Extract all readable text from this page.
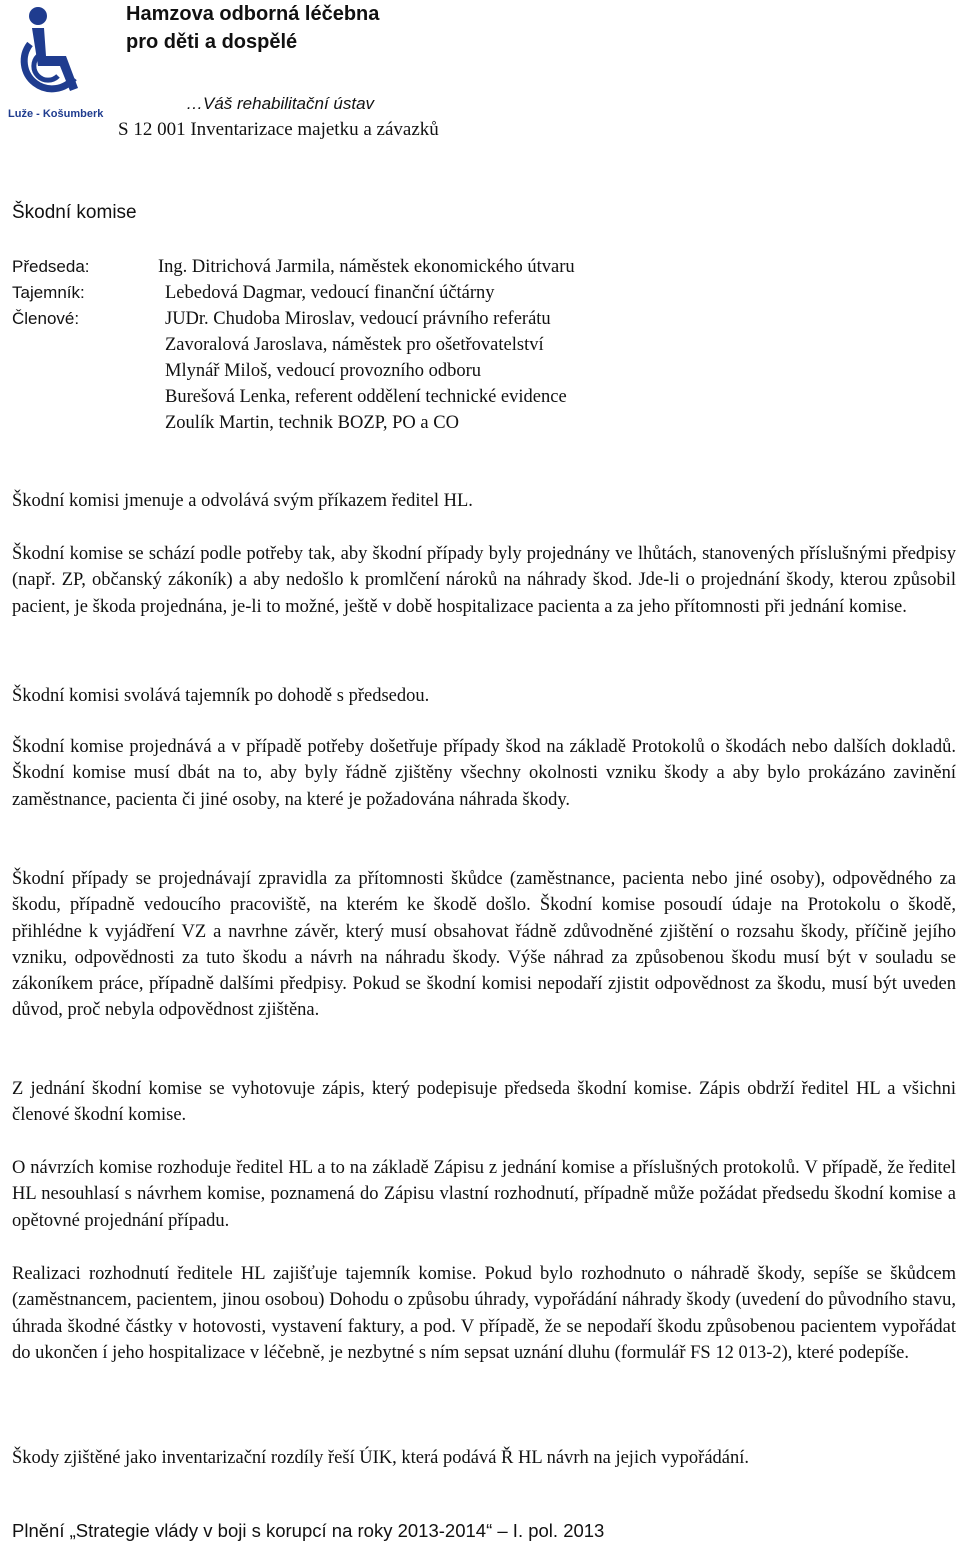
Luže - Košumberk
Hamzova odborná léčebna
pro děti a dospělé
…Váš rehabilitační ústav
S 12 001 Inventarizace majetku a závazků
Škodní komise
Předseda:
Tajemník:
Členové:
Ing. Ditrichová Jarmila, náměstek ekonomického útvaru
Lebedová Dagmar, vedoucí finanční účtárny
JUDr. Chudoba Miroslav, vedoucí právního referátu
Zavoralová Jaroslava, náměstek pro ošetřovatelství
Mlynář Miloš, vedoucí provozního odboru
Burešová Lenka, referent oddělení technické evidence
Zoulík Martin, technik BOZP, PO a CO

Škodní komisi jmenuje a odvolává svým příkazem ředitel HL.

Škodní komise se schází podle potřeby tak, aby škodní případy byly projednány ve lhůtách, stanovených příslušnými předpisy (např. ZP, občanský zákoník) a aby nedošlo k promlčení nároků na náhrady škod. Jde-li o projednání škody, kterou způsobil pacient, je škoda projednána, je-li to možné, ještě v době hospitalizace pacienta a za jeho přítomnosti při jednání komise.

Škodní komisi svolává tajemník po dohodě s předsedou.

Škodní komise projednává a v případě potřeby došetřuje případy škod na základě Protokolů o škodách nebo dalších dokladů. Škodní komise musí dbát na to, aby byly řádně zjištěny všechny okolnosti vzniku škody a aby bylo prokázáno zavinění zaměstnance, pacienta či jiné osoby, na které je požadována náhrada škody.

Škodní případy se projednávají zpravidla za přítomnosti škůdce (zaměstnance, pacienta nebo jiné osoby), odpovědného za škodu, případně vedoucího pracoviště, na kterém ke škodě došlo. Škodní komise posoudí údaje na Protokolu o škodě, přihlédne k vyjádření VZ a navrhne závěr, který musí obsahovat řádně zdůvodněné zjištění o rozsahu škody, příčině jejího vzniku, odpovědnosti za tuto škodu a návrh na náhradu škody. Výše náhrad za způsobenou škodu musí být v souladu se zákoníkem práce, případně dalšími předpisy. Pokud se škodní komisi nepodaří zjistit odpovědnost za škodu, musí být uveden důvod, proč nebyla odpovědnost zjištěna.

Z jednání škodní komise se vyhotovuje zápis, který podepisuje předseda škodní komise. Zápis obdrží ředitel HL a všichni členové škodní komise.

O návrzích komise rozhoduje ředitel HL a to na základě Zápisu z jednání komise a příslušných protokolů. V případě, že ředitel HL nesouhlasí s návrhem komise, poznamená do Zápisu vlastní rozhodnutí, případně může požádat předsedu škodní komise a opětovné projednání případu.

Realizaci rozhodnutí ředitele HL zajišťuje tajemník komise. Pokud bylo rozhodnuto o náhradě škody, sepíše se škůdcem (zaměstnancem, pacientem, jinou osobou) Dohodu o způsobu úhrady, vypořádání náhrady škody (uvedení do původního stavu, úhrada škodné částky v hotovosti, vystavení faktury, a pod. V případě, že se nepodaří škodu způsobenou pacientem vypořádat do ukončen í jeho hospitalizace v léčebně, je nezbytné s ním sepsat uznání dluhu (formulář FS 12 013-2), které podepíše.

Škody zjištěné jako inventarizační rozdíly řeší ÚIK, která podává Ř HL návrh na jejich vypořádání.

Plnění „Strategie vlády v boji s korupcí na roky 2013-2014“ – I. pol. 2013
